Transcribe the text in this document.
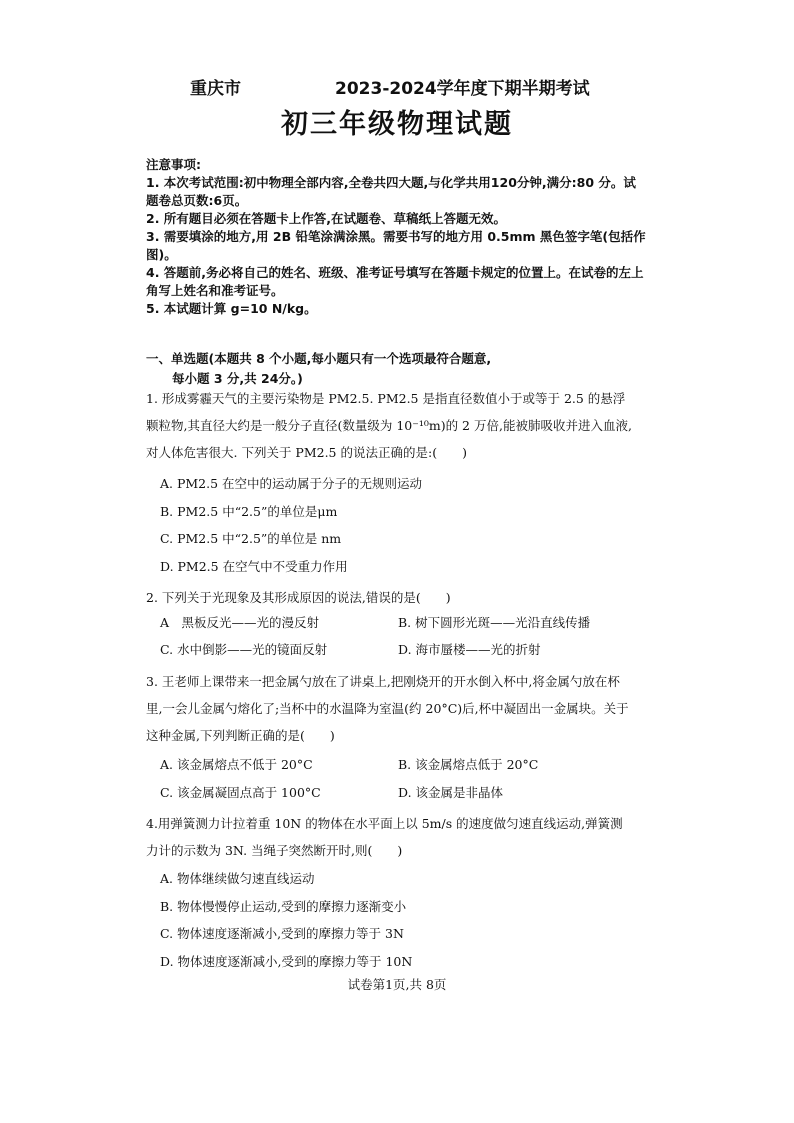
重庆市	2023-2024学年度下期半期考试
初三年级物理试题

注意事项:

1. 本次考试范围:初中物理全部内容,全卷共四大题,与化学共用120分钟,满分:80 分。试题卷总页数:6页。

2. 所有题目必须在答题卡上作答,在试题卷、草稿纸上答题无效。

3. 需要填涂的地方,用 2B 铅笔涂满涂黑。需要书写的地方用 0.5mm 黑色签字笔(包括作图)。

4. 答题前,务必将自己的姓名、班级、准考证号填写在答题卡规定的位置上。在试卷的左上角写上姓名和准考证号。

5. 本试题计算 g=10 N/kg。

一、单选题(本题共 8 个小题,每小题只有一个选项最符合题意,
每小题 3 分,共 24分。)
1. 形成雾霾天气的主要污染物是 PM2.5. PM2.5 是指直径数值小于或等于 2.5 的悬浮颗粒物,其直径大约是一般分子直径(数量级为 10⁻¹⁰m)的 2 万倍,能被肺吸收并进入血液,对人体危害很大. 下列关于 PM2.5 的说法正确的是:(　　)
A. PM2.5 在空中的运动属于分子的无规则运动
B. PM2.5 中“2.5”的单位是μm
C. PM2.5 中“2.5”的单位是 nm
D. PM2.5 在空气中不受重力作用
2. 下列关于光现象及其形成原因的说法,错误的是(　　)
A　黑板反光——光的漫反射	B. 树下圆形光斑——光沿直线传播
C. 水中倒影——光的镜面反射	D. 海市蜃楼——光的折射
3. 王老师上课带来一把金属勺放在了讲桌上,把刚烧开的开水倒入杯中,将金属勺放在杯里,一会儿金属勺熔化了;当杯中的水温降为室温(约 20°C)后,杯中凝固出一金属块。关于这种金属,下列判断正确的是(　　)
A. 该金属熔点不低于 20°C	B. 该金属熔点低于 20°C
C. 该金属凝固点高于 100°C	D. 该金属是非晶体
4.用弹簧测力计拉着重 10N 的物体在水平面上以 5m/s 的速度做匀速直线运动,弹簧测力计的示数为 3N. 当绳子突然断开时,则(　　)
A. 物体继续做匀速直线运动
B. 物体慢慢停止运动,受到的摩擦力逐渐变小
C. 物体速度逐渐减小,受到的摩擦力等于 3N
D. 物体速度逐渐减小,受到的摩擦力等于 10N
试卷第1页,共 8页
